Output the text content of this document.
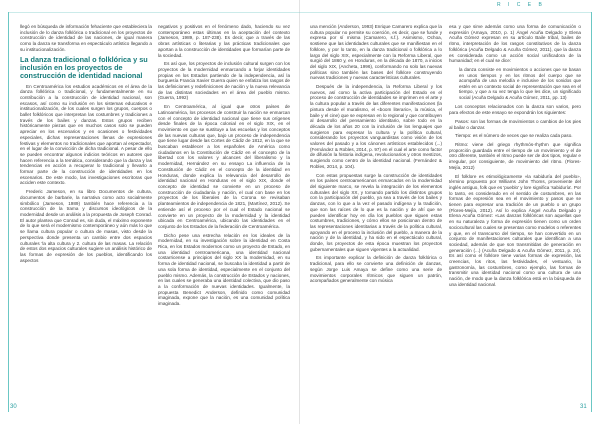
R I C E B

llegó en búsqueda de información fehaciente que estableciera la inclusión de lo danza folklórica o tradicional en los proyectos de construcción de identidad de las naciones, de igual manera como la danza se transforma en espectáculo artístico llegando a su institucionalización.

La danza tradicional o folklórica y su inclusión en los proyectos de construcción de identidad nacional

En Centroamérica los estudios académicos en el área de la danza folklórica o tradicional, y fundamentalmente en su contribución a la construcción de identidad nacional, son escasos, así como su inclusión en los sistemas educativos e institucionalización, de los cuales surgen los grupos, cuerpos o ballet folklóricos que interpretan las costumbres y tradiciones a través de los bailes y danzas. Estos grupos reciben históricamente piezas que en muchos casos solo se pueden apreciar en los escenarios y en ocasiones o festividades especiales, dichas representaciones llenas de expresiones festivas y elementos no tradicionales que aportan al espectador, en el lugar de la convicción de dicha tradicional. A pesar de ello se pueden encontrar algunos indicios teóricos en autores que hacen referencia a la temática, considerando que la danza y las tendencias en acción a recuperar lo tradicional y llevarlo a formar parte de la construcción de identidades en los escenarios. De este modo, las investigaciones escritoras que acciden este contexto.

Frederic Jameson, en su libro Documentos de cultura, documentos de barbarie, la narrativa como acto socialmente simbólico (Jameson, 1989) también hace referencia a la construcción de la trama y discursos ideológicos de la modernidad desde un análisis a la propuesta de Joseph Conrad. El autor plantea que Conrad es, sin duda, el máximo exponente de lo que será el modernismo contemporáneo y aún más lo que se llama cultura popular o cultura de masas, visto desde la perspectiva donde presenta un cambio entre dos espacios culturales 'la alta cultura y 2. cultura de las masas. La relación de estos dos espacios culturales sugiere un análisis histórico de las formas de expresión de los pueblos, identificando los aspectos

negativos y positivos en el fenómeno dado, haciendo su vez contemporáneo estas últimas en la aceptación del contexto (Jameson, 1989, p. 187-238). Es decir, que a través de las obras artísticas o literarias y las prácticas tradicionales que aportan a la construcción de identidades que formarían parte de la sociedad.

Es así que, los proyectos de inclusión cultural surgen con los proyectos de la modernidad enmarcando a forjar identidades propias en los Estados partiendo de la independencia, así la burguesía Francia Xavier Guerra quien se enfatiza los rasgos de las definiciones y redefiniciones de nación y la nueva relevancia de las distintas sociedades en el área del pueblo mismo. (Guerra, 1992)

En Centroamérica, al igual que otros países de Latinoamérica, los procesos de construir la nación se enmarcan con el concepto de identidad nacional que tiene sus orígenes desde finales de la época colonial en el siglo XIX, en el movimiento en que se sustituye a las escuelas y los conceptos de las nuevas culturas que, bajo un proceso de independencia que tiene lugar desde las Cortes de Cádiz de 1812, en la que se buscaban establecer a los españoles de América como ciudadanos en la Constitución de Cádiz en el concepto de la libertad con los valores y alcances del liberalismo y la modernidad, Hernández en su ensayo La influencia de la Constitución de Cádiz en el concepto de la identidad en Honduras, donde explica la relevancia del desarrollo de identidad nacional en Honduras en el siglo XIX, donde el concepto de identidad se convierte en un proceso de construcción de ciudadanía y nación, el cual con base en los proyectos de los liberales de la Corona se revisaban planteamientos de independencia de 1821, (Martínez, 2012). Se entiende así el proceso por el cual el Estado nacional se convierte en un proyecto de la modernidad y la identidad ubicada en Centroamérica, ubicando las identidades en el conjunto de los Estados de la federación de Centroamérica.

Dicho pese una estrecha relación en los ideales de la modernidad, en su investigación sobre la identidad en Costa Rica, en los Estados modernos como un proyecto de Estado, en una identidad centroamericana, una identidad nacional costarricense a principios del siglo XX la modernidad, en su forma de identidad nacional, se buscaba la identidad a partir de una sola forma de identidad, especialmente en el conjunto del pueblo mismo. Además, la construcción de Estados y naciones, en las cuales se generaba una identidad colectiva, que dio paso a la conformación de nuevas identidades. Igualmente, la propuesta Benedict Anderson, definido como comunidad imaginada, expone que la nación, es una comunidad política imaginada.

una mención (Anderson, 1993) Enrique Camarero explica que la cultura popular no permite su coerción, es decir, que se funde y expresa por sí misma (Camarero, s.f.). Asimismo, Ochoa, sostiene que las identidades culturales que se manifiestan en el folklore, y por lo tanto, en la danza tradicional o folklórica a lo largo del siglo XIX, especialmente con la Reforma Liberal, que surgió del 1860 y, en Honduras, en la década de 1870, a inicios del siglo XIX, (Ancheta, 1996), conformando no solo las nuevas políticas sino también las bases del folklore construyendo nuevas tradiciones y nuevas características culturales.

Después de la independencia, la Reforma Liberal y los nuevos, así como la activa participación del Estado en el proceso de construcción de identidades se imprimen en el arte y la cultura popular a través de las diferentes manifestaciones (la pintura desde el muralismo, el «boom literario», la música, el baile y el cine) que se expresan en lo regional y que contribuyen al desarrollo del pensamiento identitario, sobre todo en la década de los años 20 con la inclusión de los lenguajes que surgieron para expresar la cultura y la política cultural, considerando los proyectos vanguardistas como visión de los valores del pasado y a los cánones artísticos establecidos (...) (Fernández & Robles, 2014, p. 97) en el cual el arte como factor de difusión la historia indígena, revolucionarios y otros mestizos, surgiendo como centro de la identidad nacional. (Fernández & Robles, 2014, p. 104).

Con estas propuestas surge la construcción de identidades en los países centroamericanos enmarcados en la modernidad del siguiente marco, se revela la integración de los elementos culturales del siglo XX, y tomando partido los distintos grupos con la participación del pueblo, ya sea a través de los bailes y danzas, con lo que a la vez el pasado indígena y la tradición, que son las raíces de lo que es la nación y de ahí que se pueden identificar hoy en día los pueblos que siguen estas costumbres, tradiciones, y cómo ellos se posicionan dentro de las representaciones identitarias a través de la política cultural, apoyando en el proceso la inclusión del pueblo, a manera de la nación y de la identidad, y ha sido en el espectáculo cultural, donde, los proyectos de esta época muestran los proyectos gubernamentales que siguen vigentes a la actualidad.

Es importante explicar la definición de danza folklórica o tradicional, para ello se convierte una definición de danzas, según Jorge Luis Amaya se define como una serie de movimientos corporales rítmicos que siguen un patrón, acompañados generalmente con música

esa y que sirve además como una forma de comunicación o expresión (Amaya, 2010, p. 1) Ángel Acuña Delgado y Elena Acuña Gómez expresan en su artículo Baile tribal, bailes de ritmo, interpretación de los rasgos constitutivos de la danza folklórica (Acuña Delgado & Acuña Gómez, 2011), que la danza es considerada como un acción social unificadora de la humanidad; en el cual se dice:

la danza consiste en movimientos o acciones que se basan en unos tiempos y en los ritmos del cuerpo que se acompaña de una melodía e inclusive de los sonidos que estén en un contexto social de representación que sea en el tiempo, y que a su vez tenga lo que les dice, un significado social (Acuña Delgado & Acuña Gómez, 2011, pp. 13)

Los conceptos relacionados con la danza son varios, pero para efectos de este ensayo se expondrán los siguientes:

Pasos: son las formas de movimientos o cambios de los pies al bailar o danzar.

Tiempo: es el número de veces que se realiza cada paso.

Ritmo: viene del griego rhythmós-rhythm que significa proporción guardada entre el tiempo de un movimiento y el de otro diferente, también el ritmo puede ser de dos tipos, regular e irregular, por consiguiente, de movimiento del ritmo. (Flores-Mejía, 2012)

El folklore es etimológicamente «la sabiduría del pueblo», término propuesto por Williams John Thoms, proveniente del inglés antiguo, folk que es 'pueblo' y lore significa 'sabiduría'. Por lo tanto, es considerado en el sentido de costumbres, en las formas de expresión sea en el movimiento y pasos que se tienen para expresar una tradición de un pueblo o un grupo (Flores-Mejía, 2012). Así lo explica Ángel Acuña Delgado y Elena Acuña Gómez: «Las danzas folklóricas son aquellas que en su naturaleza y forma de expresión tienen como un orden sociocultural las cuales se presentan como modelos o referentes y que, en el transcurso del tiempo, se han convertido en un conjunto de manifestaciones culturales que identifican a una sociedad, además de que son transmitidas de generación en generación (...) (Acuña Delgado & Acuña Gómez, 2011, p. 24). Es así como el folklore tiene varias formas de expresión, las creencias, los ritos, las festividades, el vestuario, la gastronomía, las costumbres, como ejemplo, las formas de transmitir una identidad nacional como una cultura de una nación, de modo que la danza folklórica está en la búsqueda de una identidad nacional.

30	31
